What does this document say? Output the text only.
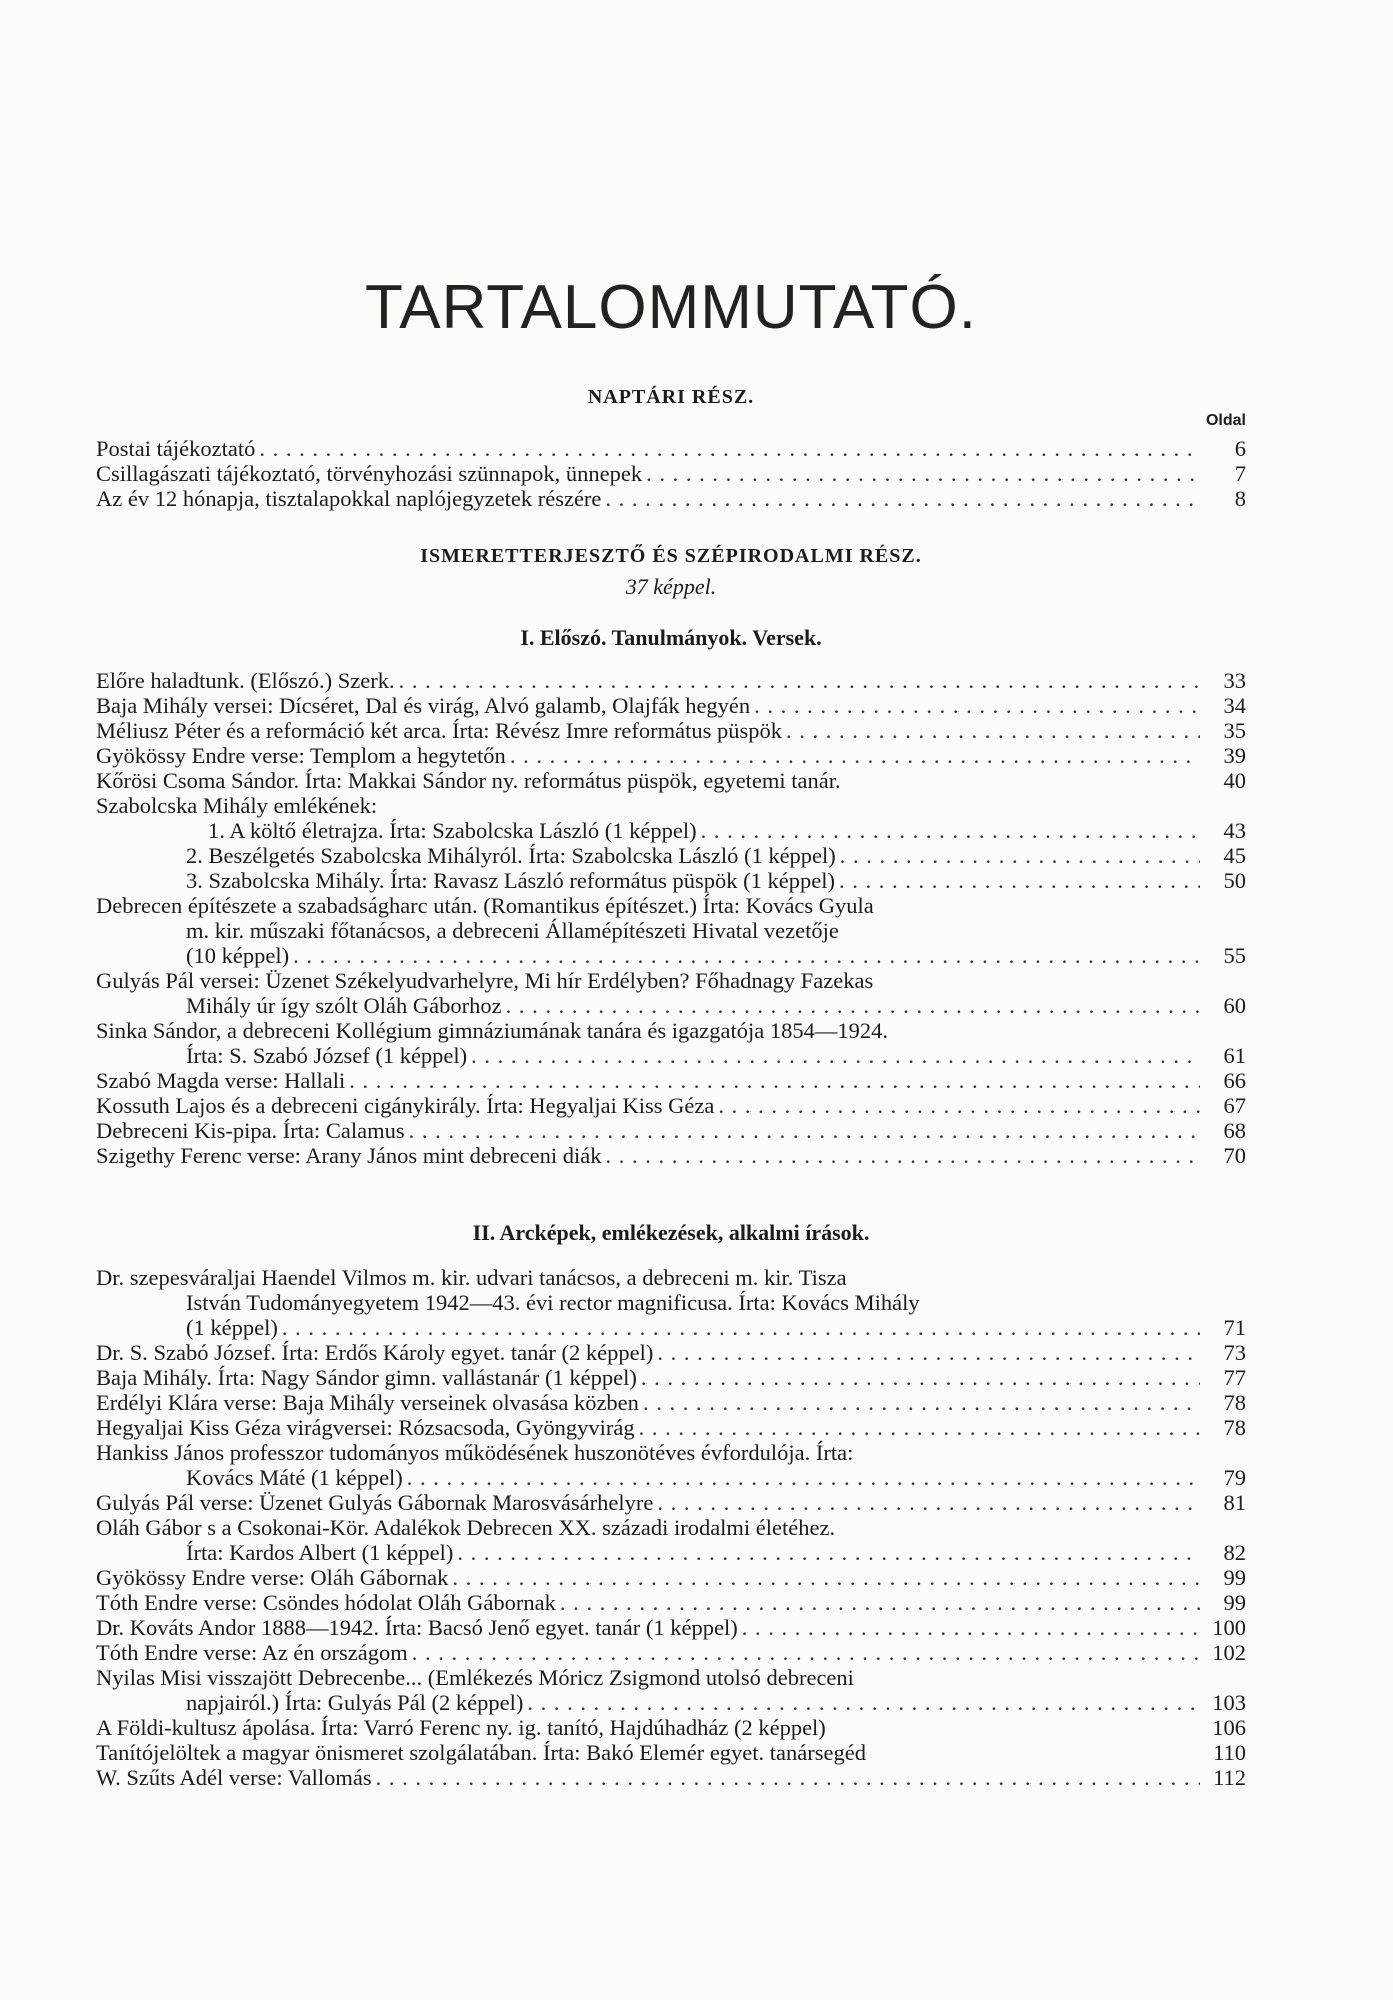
TARTALOMMUTATÓ.
NAPTÁRI RÉSZ.
Oldal
Postai tájékoztató . . .	6
Csillagászati tájékoztató, törvényhozási szünnapok, ünnepek . . .	7
Az év 12 hónapja, tisztalapokkal naplójegyzetek részére . . .	8
ISMERETTERJESZTŐ ÉS SZÉPIRODALMI RÉSZ.
37 képpel.
I. Előszó. Tanulmányok. Versek.
Előre haladtunk. (Előszó.) Szerk. . . .	33
Baja Mihály versei: Dícséret, Dal és virág, Alvó galamb, Olajfák hegyén . . .	34
Méliusz Péter és a reformáció két arca. Írta: Révész Imre református püspök . . .	35
Gyökössy Endre verse: Templom a hegytetőn . . .	39
Kőrösi Csoma Sándor. Írta: Makkai Sándor ny. református püspök, egyetemi tanár.	40
Szabolcska Mihály emlékének:
1. A költő életrajza. Írta: Szabolcska László (1 képpel) . . .	43
2. Beszélgetés Szabolcska Mihályról. Írta: Szabolcska László (1 képpel) . . .	45
3. Szabolcska Mihály. Írta: Ravasz László református püspök (1 képpel) . . .	50
Debrecen építészete a szabadságharc után. (Romantikus építészet.) Írta: Kovács Gyula
m. kir. műszaki főtanácsos, a debreceni Államépítészeti Hivatal vezetője
(10 képpel) . . .	55
Gulyás Pál versei: Üzenet Székelyudvarhelyre, Mi hír Erdélyben? Főhadnagy Fazekas
Mihály úr így szólt Oláh Gáborhoz . . .	60
Sinka Sándor, a debreceni Kollégium gimnáziumának tanára és igazgatója 1854—1924.
Írta: S. Szabó József (1 képpel) . . .	61
Szabó Magda verse: Hallali . . .	66
Kossuth Lajos és a debreceni cigánykirály. Írta: Hegyaljai Kiss Géza . . .	67
Debreceni Kis-pipa. Írta: Calamus . . .	68
Szigethy Ferenc verse: Arany János mint debreceni diák . . .	70
II. Arcképek, emlékezések, alkalmi írások.
Dr. szepesváraljai Haendel Vilmos m. kir. udvari tanácsos, a debreceni m. kir. Tisza
István Tudományegyetem 1942—43. évi rector magnificusa. Írta: Kovács Mihály
(1 képpel) . . .	71
Dr. S. Szabó József. Írta: Erdős Károly egyet. tanár (2 képpel) . . .	73
Baja Mihály. Írta: Nagy Sándor gimn. vallástanár (1 képpel) . . .	77
Erdélyi Klára verse: Baja Mihály verseinek olvasása közben . . .	78
Hegyaljai Kiss Géza virágversei: Rózsacsoda, Gyöngyvirág . . .	78
Hankiss János professzor tudományos működésének huszonötéves évfordulója. Írta:
Kovács Máté (1 képpel) . . .	79
Gulyás Pál verse: Üzenet Gulyás Gábornak Marosvásárhelyre . . .	81
Oláh Gábor s a Csokonai-Kör. Adalékok Debrecen XX. századi irodalmi életéhez.
Írta: Kardos Albert (1 képpel) . . .	82
Gyökössy Endre verse: Oláh Gábornak . . .	99
Tóth Endre verse: Csöndes hódolat Oláh Gábornak . . .	99
Dr. Kováts Andor 1888—1942. Írta: Bacsó Jenő egyet. tanár (1 képpel) . . .	100
Tóth Endre verse: Az én országom . . .	102
Nyilas Misi visszajött Debrecenbe... (Emlékezés Móricz Zsigmond utolsó debreceni
napjairól.) Írta: Gulyás Pál (2 képpel) . . .	103
A Földi-kultusz ápolása. Írta: Varró Ferenc ny. ig. tanító, Hajdúhadház (2 képpel)	106
Tanítójelöltek a magyar önismeret szolgálatában. Írta: Bakó Elemér egyet. tanársegéd	110
W. Szűts Adél verse: Vallomás . . .	112
